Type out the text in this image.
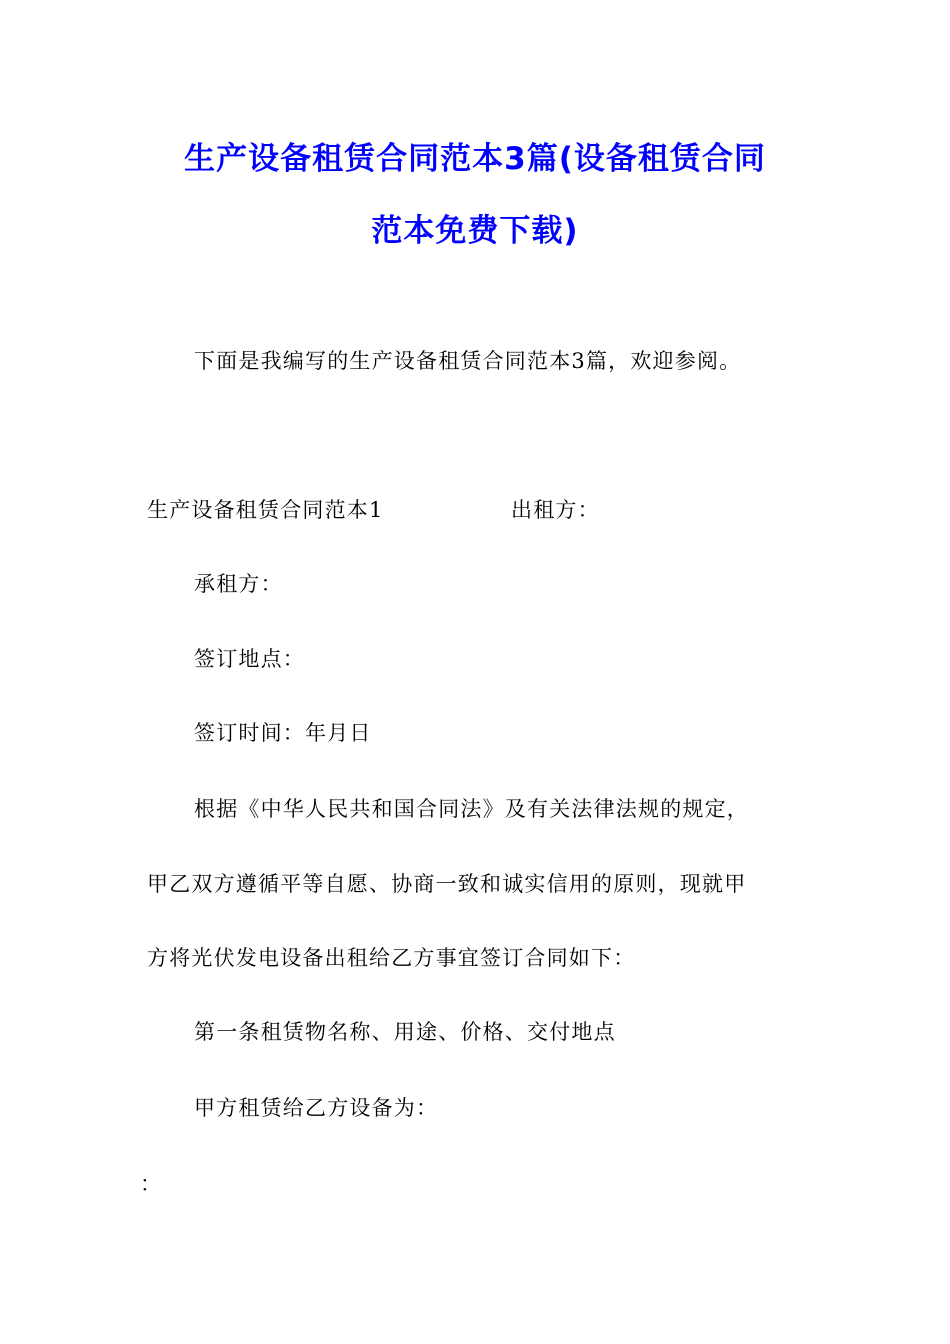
生产设备租赁合同范本3篇(设备租赁合同
范本免费下载)
下面是我编写的生产设备租赁合同范本3篇，欢迎参阅。
生产设备租赁合同范本1	出租方：
承租方：
签订地点：
签订时间：年月日
根据《中华人民共和国合同法》及有关法律法规的规定，
甲乙双方遵循平等自愿、协商一致和诚实信用的原则，现就甲
方将光伏发电设备出租给乙方事宜签订合同如下：
第一条租赁物名称、用途、价格、交付地点
甲方租赁给乙方设备为：
：
